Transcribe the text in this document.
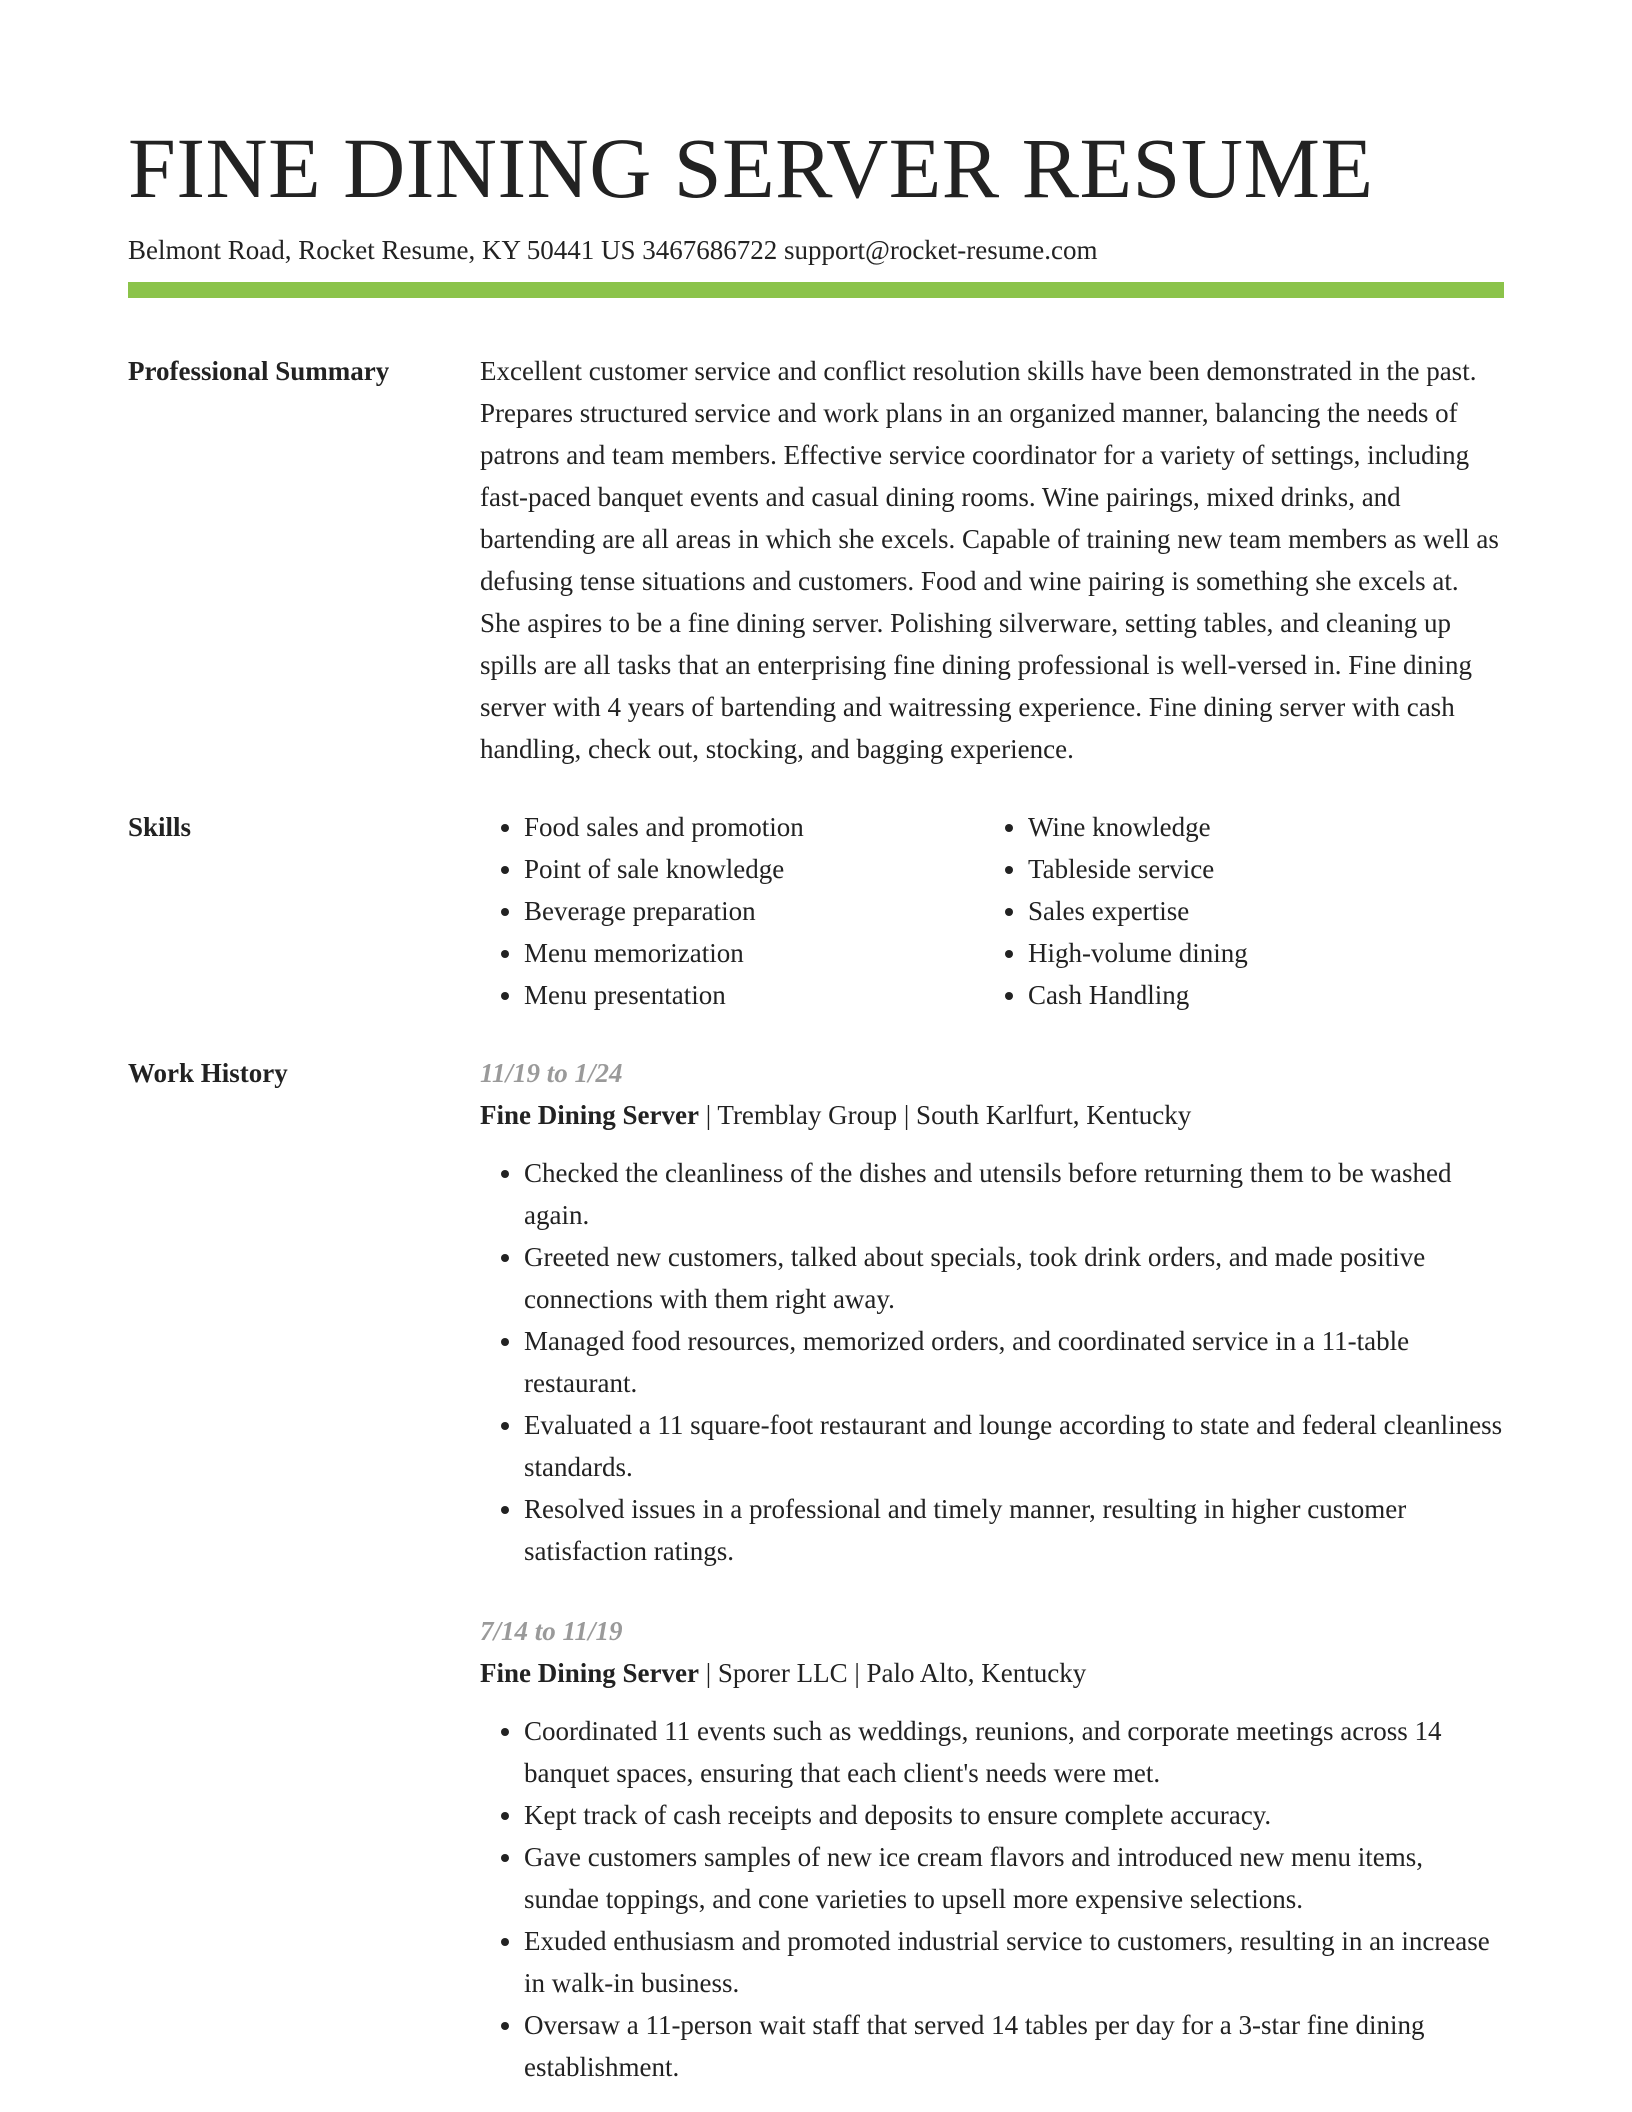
FINE DINING SERVER RESUME
Belmont Road, Rocket Resume, KY 50441 US 3467686722 support@rocket-resume.com
Professional Summary	Excellent customer service and conflict resolution skills have been demonstrated in the past. Prepares structured service and work plans in an organized manner, balancing the needs of patrons and team members. Effective service coordinator for a variety of settings, including fast-paced banquet events and casual dining rooms. Wine pairings, mixed drinks, and bartending are all areas in which she excels. Capable of training new team members as well as defusing tense situations and customers. Food and wine pairing is something she excels at. She aspires to be a fine dining server. Polishing silverware, setting tables, and cleaning up spills are all tasks that an enterprising fine dining professional is well-versed in. Fine dining server with 4 years of bartending and waitressing experience. Fine dining server with cash handling, check out, stocking, and bagging experience.

Skills
•	Food sales and promotion
• Point of sale knowledge
• Beverage preparation
• Menu memorization
• Menu presentation
• Wine knowledge
• Tableside service
• Sales expertise
• High-volume dining
• Cash Handling
Work History	11/19 to 1/24
Fine Dining Server | Tremblay Group | South Karlfurt, Kentucky
• Checked the cleanliness of the dishes and utensils before returning them to be washed again.
• Greeted new customers, talked about specials, took drink orders, and made positive connections with them right away.
• Managed food resources, memorized orders, and coordinated service in a 11-table restaurant.
• Evaluated a 11 square-foot restaurant and lounge according to state and federal cleanliness standards.
• Resolved issues in a professional and timely manner, resulting in higher customer satisfaction ratings.
7/14 to 11/19
Fine Dining Server | Sporer LLC | Palo Alto, Kentucky
• Coordinated 11 events such as weddings, reunions, and corporate meetings across 14 banquet spaces, ensuring that each client's needs were met.
• Kept track of cash receipts and deposits to ensure complete accuracy.
• Gave customers samples of new ice cream flavors and introduced new menu items, sundae toppings, and cone varieties to upsell more expensive selections.
• Exuded enthusiasm and promoted industrial service to customers, resulting in an increase in walk-in business.
• Oversaw a 11-person wait staff that served 14 tables per day for a 3-star fine dining establishment.
